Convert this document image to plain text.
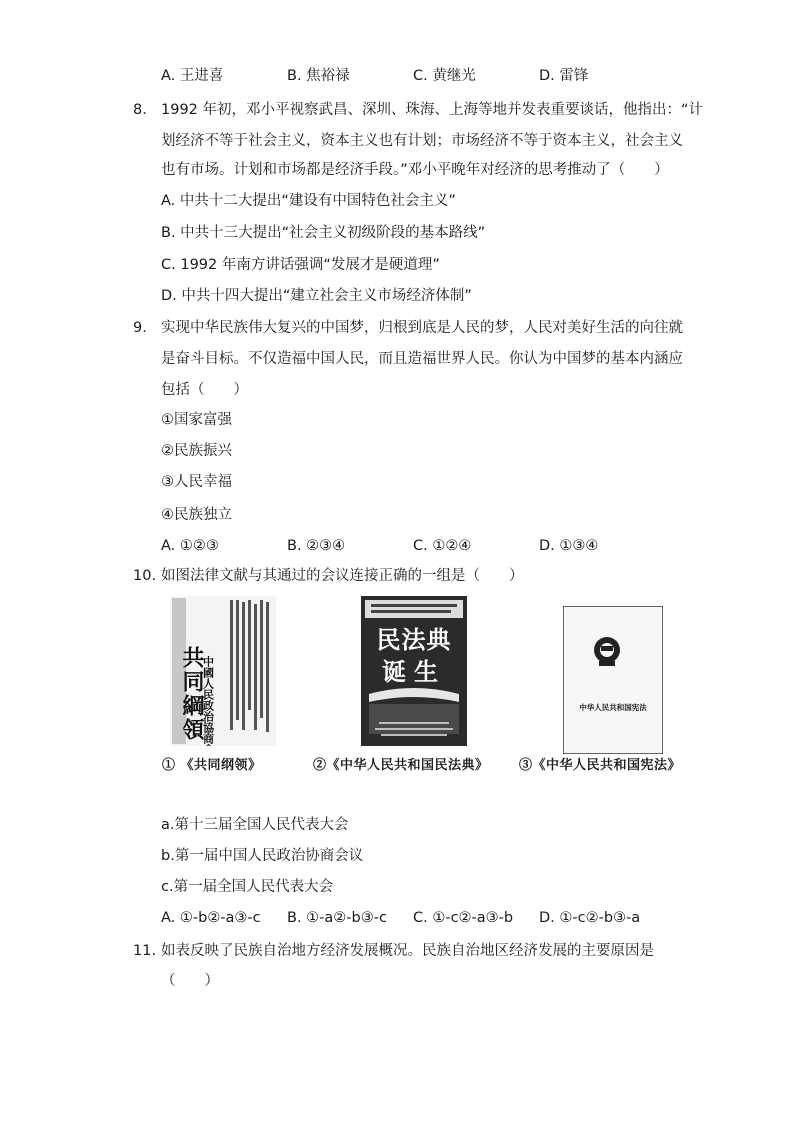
A. 王进喜	B. 焦裕禄	C. 黄继光	D. 雷锋
8. 1992 年初，邓小平视察武昌、深圳、珠海、上海等地并发表重要谈话，他指出：“计
划经济不等于社会主义，资本主义也有计划；市场经济不等于资本主义，社会主义
也有市场。计划和市场都是经济手段。”邓小平晚年对经济的思考推动了（　　）
A. 中共十二大提出“建设有中国特色社会主义”
B. 中共十三大提出“社会主义初级阶段的基本路线”
C. 1992 年南方讲话强调“发展才是硬道理”
D. 中共十四大提出“建立社会主义市场经济体制”
9. 实现中华民族伟大复兴的中国梦，归根到底是人民的梦，人民对美好生活的向往就
是奋斗目标。不仅造福中国人民，而且造福世界人民。你认为中国梦的基本内涵应
包括（　　）
①国家富强
②民族振兴
③人民幸福
④民族独立
A. ①②③	B. ②③④	C. ①②④	D. ①③④
10. 如图法律文献与其通过的会议连接正确的一组是（　　）
中國人民政治協商會議
共同綱領
民法典
诞生
中华人民共和国宪法
① 《共同纲领》	②《中华人民共和国民法典》 ③《中华人民共和国宪法》
a.第十三届全国人民代表大会
b.第一届中国人民政治协商会议
c.第一届全国人民代表大会
A. ①-b②-a③-c B. ①-a②-b③-c C. ①-c②-a③-b D. ①-c②-b③-a
11. 如表反映了民族自治地方经济发展概况。民族自治地区经济发展的主要原因是
（　　）
